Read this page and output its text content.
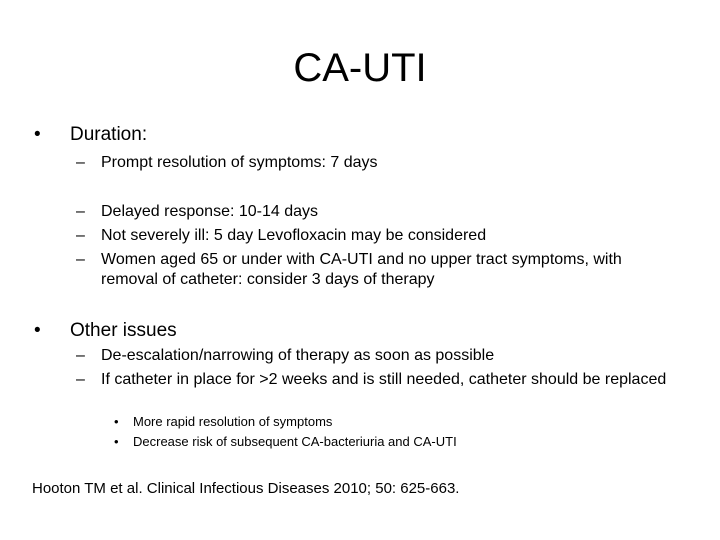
CA-UTI
• Duration:
– Prompt resolution of symptoms: 7 days
– Delayed response: 10-14 days
– Not severely ill: 5 day Levofloxacin may be considered
– Women aged 65 or under with CA-UTI and no upper tract symptoms, with removal of catheter: consider 3 days of therapy
• Other issues
– De-escalation/narrowing of therapy as soon as possible
– If catheter in place for >2 weeks and is still needed, catheter should be replaced
• More rapid resolution of symptoms
• Decrease risk of subsequent CA-bacteriuria and CA-UTI
Hooton TM et al. Clinical Infectious Diseases 2010; 50: 625-663.
